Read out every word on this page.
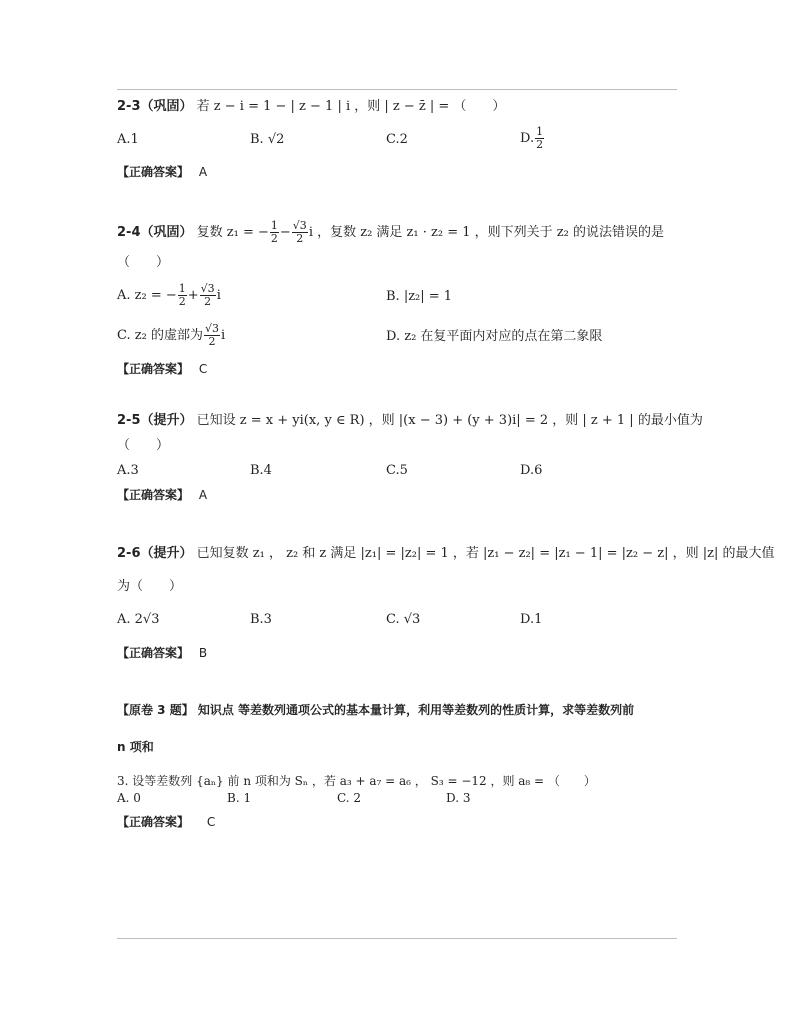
2-3（巩固） 若 z − i = 1 − | z − 1 | i ，则 | z − z̄ | = （　　）
A.1	B. √2	C.2	D. $\frac{1}{2}$
【正确答案】 A
2-4（巩固） 复数 z₁ = − $\frac{1}{2} - \frac{√3}{2}$ i ，复数 z₂ 满足 z₁ · z₂ = 1 ，则下列关于 z₂ 的说法错误的是
（　　）
A. z₂ = − $\frac{1}{2} + \frac{√3}{2}$ i	B. |z₂| = 1
C. z₂ 的虚部为 $\frac{√3}{2}$ i	D. z₂ 在复平面内对应的点在第二象限
【正确答案】 C
2-5（提升） 已知设 z = x + yi(x, y ∈ R) ，则 |(x − 3) + (y + 3)i| = 2 ，则 | z + 1 | 的最小值为
（　　）
A.3	B.4	C.5	D.6
【正确答案】 A
2-6（提升） 已知复数 z₁ ， z₂ 和 z 满足 |z₁| = |z₂| = 1 ，若 |z₁ − z₂| = |z₁ − 1| = |z₂ − z| ，则 |z| 的最大值
为（　　）
A. 2√3	B.3	C. √3	D.1
【正确答案】 B
【原卷 3 题】 知识点 等差数列通项公式的基本量计算，利用等差数列的性质计算，求等差数列前
n 项和
3. 设等差数列 {aₙ} 前 n 项和为 Sₙ ，若 a₃ + a₇ = a₆ ， S₃ = −12 ，则 a₈ = （　　）
A. 0	B. 1	C. 2	D. 3
【正确答案】 C
